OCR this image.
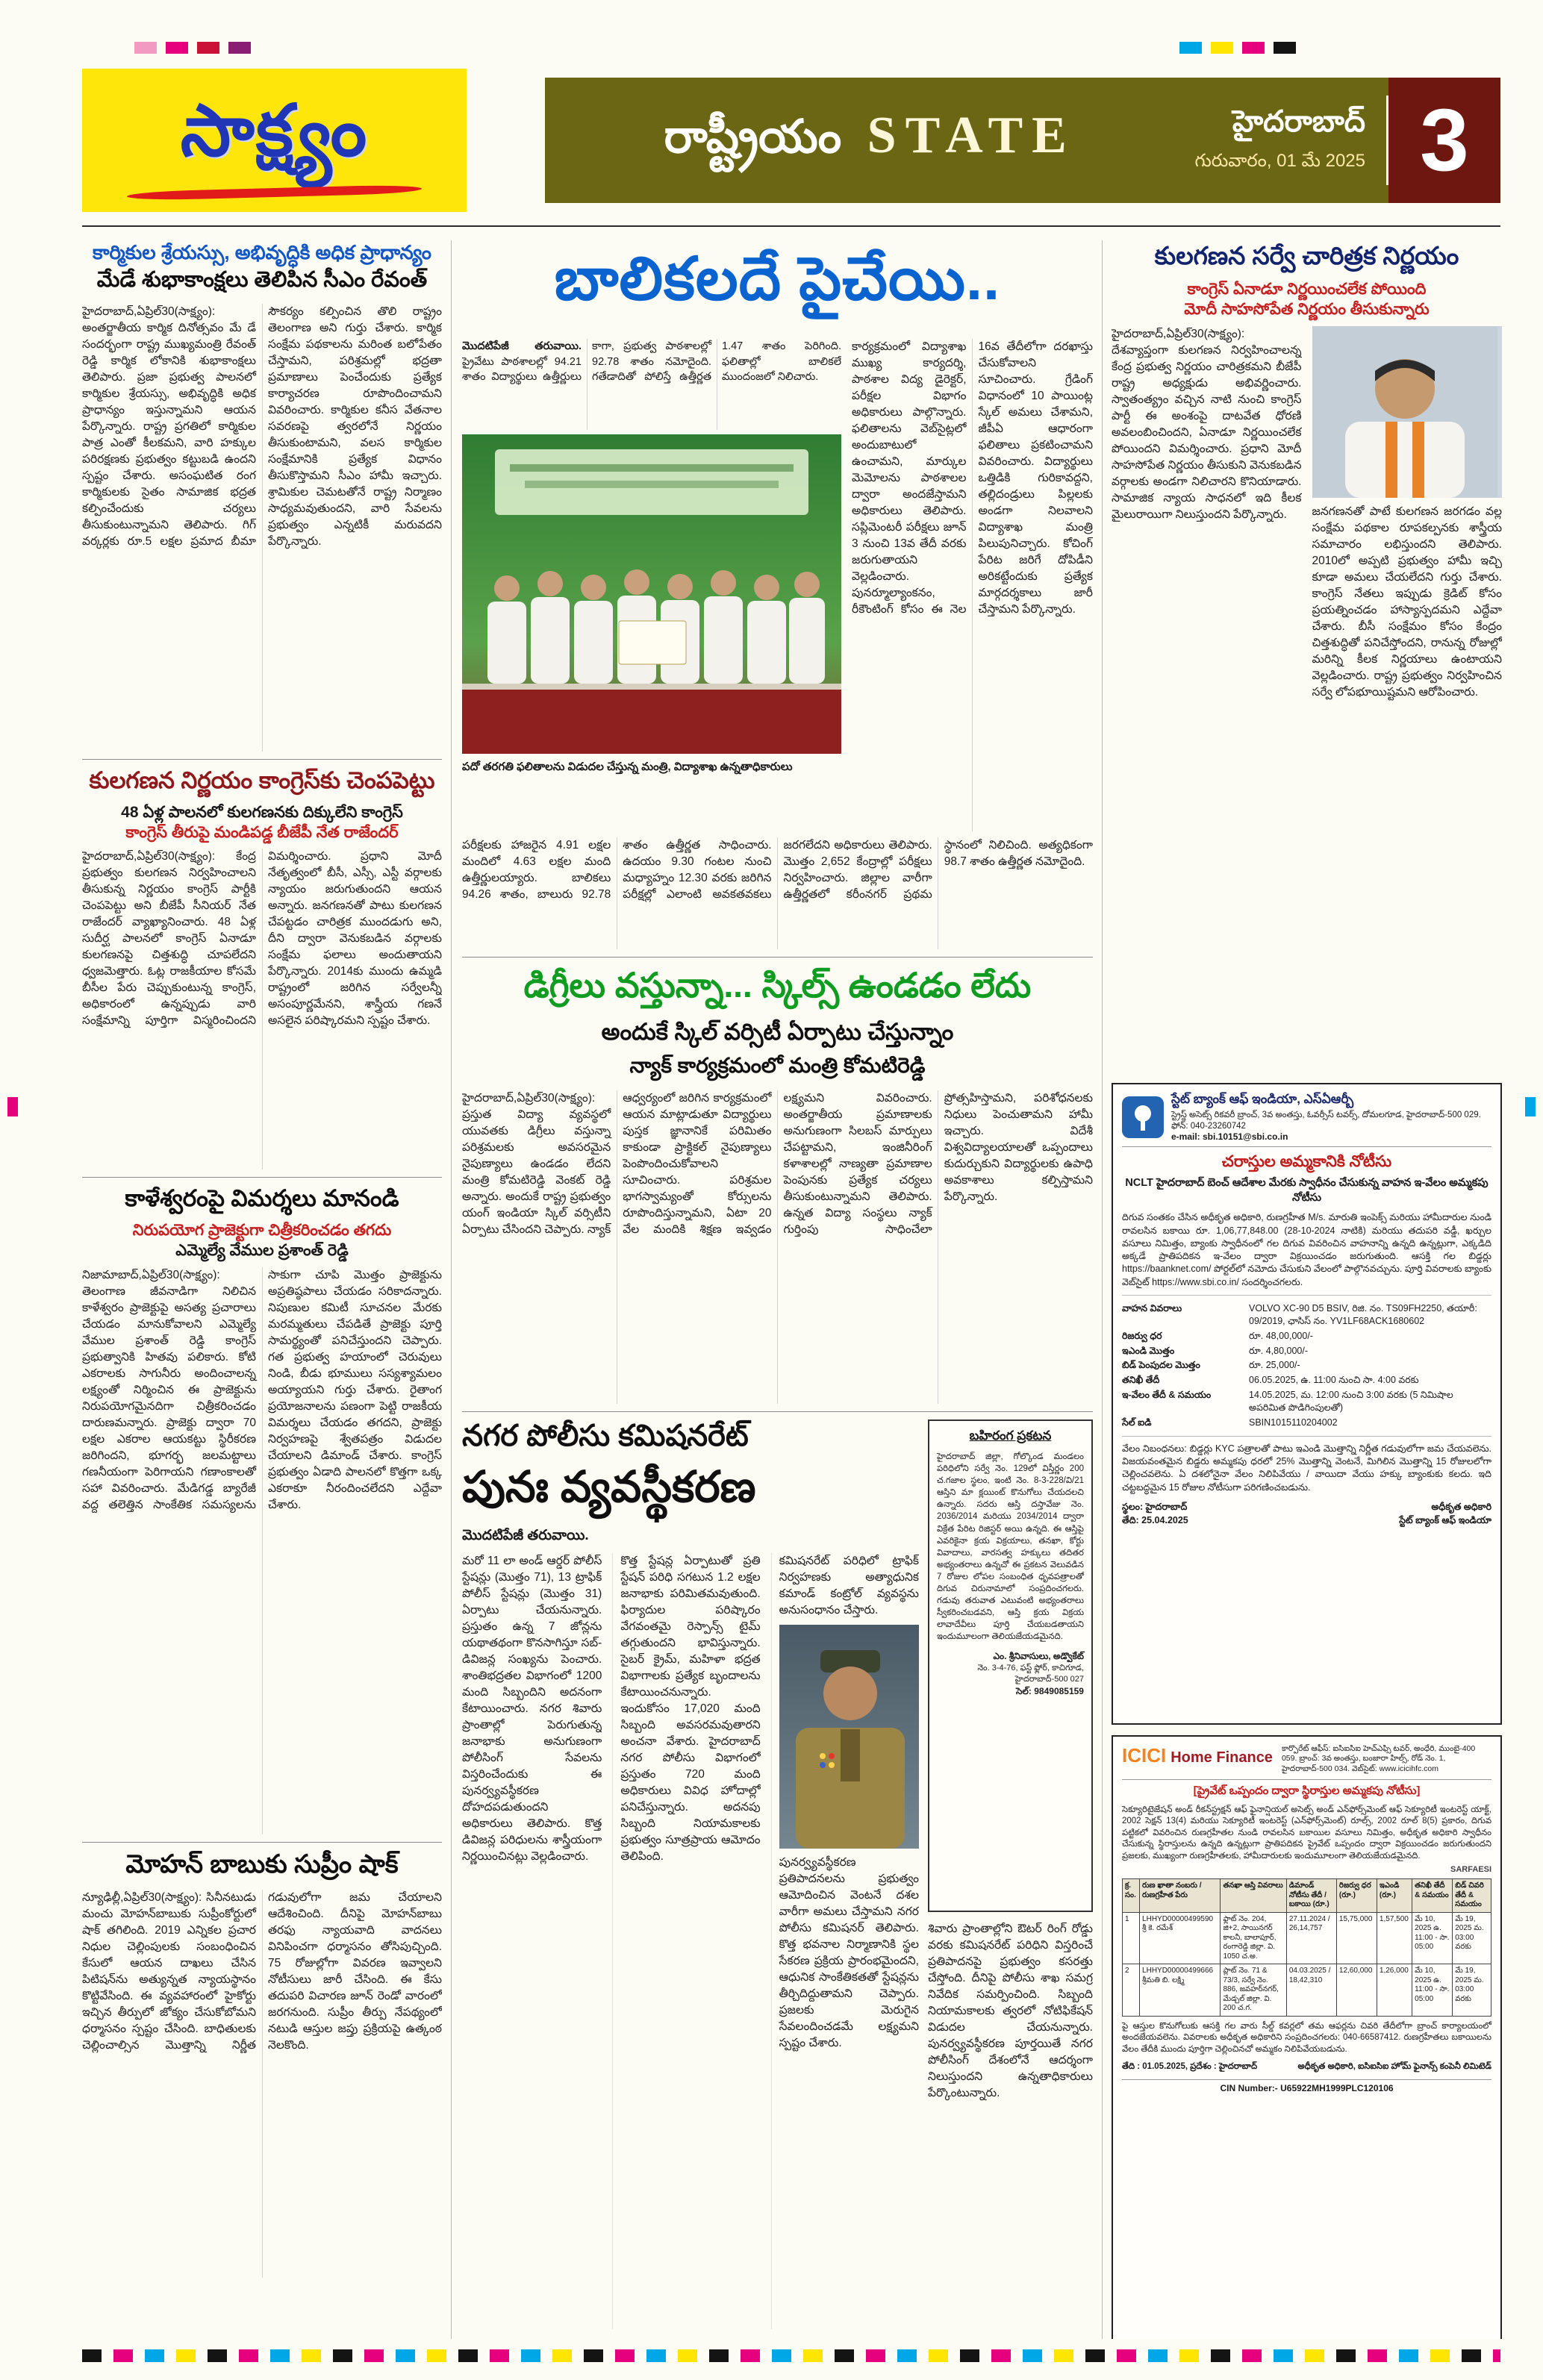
సాక్ష్యం	రాష్ట్రీయం STATE	హైదరాబాద్
గురువారం, 01 మే 2025 3
కార్మికుల శ్రేయస్సు, అభివృద్ధికి అధిక ప్రాధాన్యం
మేడే శుభాకాంక్షలు తెలిపిన సీఎం రేవంత్
హైదరాబాద్,ఏప్రిల్30(సాక్ష్యం): అంతర్జాతీయ కార్మిక దినోత్సవం మే డే సందర్భంగా రాష్ట్ర ముఖ్యమంత్రి రేవంత్ రెడ్డి కార్మిక లోకానికి శుభాకాంక్షలు తెలిపారు. ప్రజా ప్రభుత్వ పాలనలో కార్మికుల శ్రేయస్సు, అభివృద్ధికి అధిక ప్రాధాన్యం ఇస్తున్నామని ఆయన పేర్కొన్నారు. రాష్ట్ర ప్రగతిలో కార్మికుల పాత్ర ఎంతో కీలకమని, వారి హక్కుల పరిరక్షణకు ప్రభుత్వం కట్టుబడి ఉందని స్పష్టం చేశారు. అసంఘటిత రంగ కార్మికులకు సైతం సామాజిక భద్రత కల్పించేందుకు చర్యలు తీసుకుంటున్నామని తెలిపారు. గిగ్ వర్కర్లకు రూ.5 లక్షల ప్రమాద బీమా సౌకర్యం కల్పించిన తొలి రాష్ట్రం తెలంగాణ అని గుర్తు చేశారు. కార్మిక సంక్షేమ పథకాలను మరింత బలోపేతం చేస్తామని, పరిశ్రమల్లో భద్రతా ప్రమాణాలు పెంచేందుకు ప్రత్యేక కార్యాచరణ రూపొందించామని వివరించారు. కార్మికుల కనీస వేతనాల సవరణపై త్వరలోనే నిర్ణయం తీసుకుంటామని, వలస కార్మికుల సంక్షేమానికి ప్రత్యేక విధానం తీసుకొస్తామని సీఎం హామీ ఇచ్చారు. శ్రామికుల చెమటతోనే రాష్ట్ర నిర్మాణం సాధ్యమవుతుందని, వారి సేవలను ప్రభుత్వం ఎన్నటికీ మరువదని పేర్కొన్నారు.
కులగణన నిర్ణయం కాంగ్రెస్‌కు చెంపపెట్టు
48 ఏళ్ల పాలనలో కులగణనకు దిక్కులేని కాంగ్రెస్
కాంగ్రెస్ తీరుపై మండిపడ్డ బీజేపీ నేత రాజేందర్
హైదరాబాద్,ఏప్రిల్30(సాక్ష్యం): కేంద్ర ప్రభుత్వం కులగణన నిర్వహించాలని తీసుకున్న నిర్ణయం కాంగ్రెస్ పార్టీకి చెంపపెట్టు అని బీజేపీ సీనియర్ నేత రాజేందర్ వ్యాఖ్యానించారు. 48 ఏళ్ల సుదీర్ఘ పాలనలో కాంగ్రెస్ ఏనాడూ కులగణనపై చిత్తశుద్ధి చూపలేదని ధ్వజమెత్తారు. ఓట్ల రాజకీయాల కోసమే బీసీల పేరు చెప్పుకుంటున్న కాంగ్రెస్, అధికారంలో ఉన్నప్పుడు వారి సంక్షేమాన్ని పూర్తిగా విస్మరించిందని విమర్శించారు. ప్రధాని మోదీ నేతృత్వంలో బీసీ, ఎస్సీ, ఎస్టీ వర్గాలకు న్యాయం జరుగుతుందని ఆయన అన్నారు. జనగణనతో పాటు కులగణన చేపట్టడం చారిత్రక ముందడుగు అని, దీని ద్వారా వెనుకబడిన వర్గాలకు సంక్షేమ ఫలాలు అందుతాయని పేర్కొన్నారు. 2014కు ముందు ఉమ్మడి రాష్ట్రంలో జరిగిన సర్వేలన్నీ అసంపూర్ణమేనని, శాస్త్రీయ గణనే అసలైన పరిష్కారమని స్పష్టం చేశారు.
కాళేశ్వరంపై విమర్శలు మానండి
నిరుపయోగ ప్రాజెక్టుగా చిత్రీకరించడం తగదు
ఎమ్మెల్యే వేముల ప్రశాంత్ రెడ్డి
నిజామాబాద్,ఏప్రిల్30(సాక్ష్యం): తెలంగాణ జీవనాడిగా నిలిచిన కాళేశ్వరం ప్రాజెక్టుపై అసత్య ప్రచారాలు చేయడం మానుకోవాలని ఎమ్మెల్యే వేముల ప్రశాంత్ రెడ్డి కాంగ్రెస్ ప్రభుత్వానికి హితవు పలికారు. కోటి ఎకరాలకు సాగునీరు అందించాలన్న లక్ష్యంతో నిర్మించిన ఈ ప్రాజెక్టును నిరుపయోగమైనదిగా చిత్రీకరించడం దారుణమన్నారు. ప్రాజెక్టు ద్వారా 70 లక్షల ఎకరాల ఆయకట్టు స్థిరీకరణ జరిగిందని, భూగర్భ జలమట్టాలు గణనీయంగా పెరిగాయని గణాంకాలతో సహా వివరించారు. మేడిగడ్డ బ్యారేజీ వద్ద తలెత్తిన సాంకేతిక సమస్యలను సాకుగా చూపి మొత్తం ప్రాజెక్టును అప్రతిష్ఠపాలు చేయడం సరికాదన్నారు. నిపుణుల కమిటీ సూచనల మేరకు మరమ్మతులు చేపడితే ప్రాజెక్టు పూర్తి సామర్థ్యంతో పనిచేస్తుందని చెప్పారు. గత ప్రభుత్వ హయాంలో చెరువులు నిండి, బీడు భూములు సస్యశ్యామలం అయ్యాయని గుర్తు చేశారు. రైతాంగ ప్రయోజనాలను పణంగా పెట్టి రాజకీయ విమర్శలు చేయడం తగదని, ప్రాజెక్టు నిర్వహణపై శ్వేతపత్రం విడుదల చేయాలని డిమాండ్ చేశారు. కాంగ్రెస్ ప్రభుత్వం ఏడాది పాలనలో కొత్తగా ఒక్క ఎకరాకూ నీరందించలేదని ఎద్దేవా చేశారు.
మోహన్ బాబుకు సుప్రీం షాక్
న్యూఢిల్లీ,ఏప్రిల్30(సాక్ష్యం): సినీనటుడు మంచు మోహన్‌బాబుకు సుప్రీంకోర్టులో షాక్ తగిలింది. 2019 ఎన్నికల ప్రచార నిధుల చెల్లింపులకు సంబంధించిన కేసులో ఆయన దాఖలు చేసిన పిటిషన్‌ను అత్యున్నత న్యాయస్థానం కొట్టివేసింది. ఈ వ్యవహారంలో హైకోర్టు ఇచ్చిన తీర్పులో జోక్యం చేసుకోబోమని ధర్మాసనం స్పష్టం చేసింది. బాధితులకు చెల్లించాల్సిన మొత్తాన్ని నిర్ణీత గడువులోగా జమ చేయాలని ఆదేశించింది. దీనిపై మోహన్‌బాబు తరఫు న్యాయవాది వాదనలు వినిపించగా ధర్మాసనం తోసిపుచ్చింది. 75 రోజుల్లోగా వివరణ ఇవ్వాలని నోటీసులు జారీ చేసింది. ఈ కేసు తదుపరి విచారణ జూన్ రెండో వారంలో జరగనుంది. సుప్రీం తీర్పు నేపథ్యంలో నటుడి ఆస్తుల జప్తు ప్రక్రియపై ఉత్కంఠ నెలకొంది.
బాలికలదే పైచేయి..
మొదటిపేజీ తరువాయి. ప్రైవేటు పాఠశాలల్లో 94.21 శాతం విద్యార్థులు ఉత్తీర్ణులు కాగా, ప్రభుత్వ పాఠశాలల్లో 92.78 శాతం నమోదైంది. గతేడాదితో పోలిస్తే ఉత్తీర్ణత 1.47 శాతం పెరిగింది. ఫలితాల్లో బాలికలే ముందంజలో నిలిచారు.
పదో తరగతి ఫలితాలను విడుదల చేస్తున్న మంత్రి, విద్యాశాఖ ఉన్నతాధికారులు
కార్యక్రమంలో విద్యాశాఖ ముఖ్య కార్యదర్శి, పాఠశాల విద్య డైరెక్టర్, పరీక్షల విభాగం అధికారులు పాల్గొన్నారు. ఫలితాలను వెబ్‌సైట్లలో అందుబాటులో ఉంచామని, మార్కుల మెమోలను పాఠశాలల ద్వారా అందజేస్తామని అధికారులు తెలిపారు. సప్లిమెంటరీ పరీక్షలు జూన్ 3 నుంచి 13వ తేదీ వరకు జరుగుతాయని వెల్లడించారు. పునర్మూల్యాంకనం, రీకౌంటింగ్ కోసం ఈ నెల 16వ తేదీలోగా దరఖాస్తు చేసుకోవాలని సూచించారు. గ్రేడింగ్ విధానంలో 10 పాయింట్ల స్కేల్ అమలు చేశామని, జీపీఏ ఆధారంగా ఫలితాలు ప్రకటించామని వివరించారు. విద్యార్థులు ఒత్తిడికి గురికావద్దని, తల్లిదండ్రులు పిల్లలకు అండగా నిలవాలని విద్యాశాఖ మంత్రి పిలుపునిచ్చారు. కోచింగ్ పేరిట జరిగే దోపిడీని అరికట్టేందుకు ప్రత్యేక మార్గదర్శకాలు జారీ చేస్తామని పేర్కొన్నారు.
పరీక్షలకు హాజరైన 4.91 లక్షల మందిలో 4.63 లక్షల మంది ఉత్తీర్ణులయ్యారు. బాలికలు 94.26 శాతం, బాలురు 92.78 శాతం ఉత్తీర్ణత సాధించారు. ఉదయం 9.30 గంటల నుంచి మధ్యాహ్నం 12.30 వరకు జరిగిన పరీక్షల్లో ఎలాంటి అవకతవకలు జరగలేదని అధికారులు తెలిపారు. మొత్తం 2,652 కేంద్రాల్లో పరీక్షలు నిర్వహించారు. జిల్లాల వారీగా ఉత్తీర్ణతలో కరీంనగర్ ప్రథమ స్థానంలో నిలిచింది. అత్యధికంగా 98.7 శాతం ఉత్తీర్ణత నమోదైంది.
డిగ్రీలు వస్తున్నా... స్కిల్స్ ఉండడం లేదు
అందుకే స్కిల్ వర్సిటీ ఏర్పాటు చేస్తున్నాం
న్యాక్ కార్యక్రమంలో మంత్రి కోమటిరెడ్డి
హైదరాబాద్,ఏప్రిల్30(సాక్ష్యం): ప్రస్తుత విద్యా వ్యవస్థలో యువతకు డిగ్రీలు వస్తున్నా పరిశ్రమలకు అవసరమైన నైపుణ్యాలు ఉండడం లేదని మంత్రి కోమటిరెడ్డి వెంకట్ రెడ్డి అన్నారు. అందుకే రాష్ట్ర ప్రభుత్వం యంగ్ ఇండియా స్కిల్ వర్సిటీని ఏర్పాటు చేసిందని చెప్పారు. న్యాక్ ఆధ్వర్యంలో జరిగిన కార్యక్రమంలో ఆయన మాట్లాడుతూ విద్యార్థులు పుస్తక జ్ఞానానికే పరిమితం కాకుండా ప్రాక్టికల్ నైపుణ్యాలు పెంపొందించుకోవాలని సూచించారు. పరిశ్రమల భాగస్వామ్యంతో కోర్సులను రూపొందిస్తున్నామని, ఏటా 20 వేల మందికి శిక్షణ ఇవ్వడం లక్ష్యమని వివరించారు. అంతర్జాతీయ ప్రమాణాలకు అనుగుణంగా సిలబస్ మార్పులు చేపట్టామని, ఇంజినీరింగ్ కళాశాలల్లో నాణ్యతా ప్రమాణాల పెంపునకు ప్రత్యేక చర్యలు తీసుకుంటున్నామని తెలిపారు. ఉన్నత విద్యా సంస్థలు న్యాక్ గుర్తింపు సాధించేలా ప్రోత్సహిస్తామని, పరిశోధనలకు నిధులు పెంచుతామని హామీ ఇచ్చారు. విదేశీ విశ్వవిద్యాలయాలతో ఒప్పందాలు కుదుర్చుకుని విద్యార్థులకు ఉపాధి అవకాశాలు కల్పిస్తామని పేర్కొన్నారు.
నగర పోలీసు కమిషనరేట్
పునః వ్యవస్థీకరణ
మొదటిపేజీ తరువాయి.
మరో 11 లా అండ్ ఆర్డర్ పోలీస్ స్టేషన్లు (మొత్తం 71), 13 ట్రాఫిక్ పోలీస్ స్టేషన్లు (మొత్తం 31) ఏర్పాటు చేయనున్నారు. ప్రస్తుతం ఉన్న 7 జోన్లను యథాతథంగా కొనసాగిస్తూ సబ్-డివిజన్ల సంఖ్యను పెంచారు. శాంతిభద్రతల విభాగంలో 1200 మంది సిబ్బందిని అదనంగా కేటాయించారు. నగర శివారు ప్రాంతాల్లో పెరుగుతున్న జనాభాకు అనుగుణంగా పోలీసింగ్ సేవలను విస్తరించేందుకు ఈ పునర్వ్యవస్థీకరణ దోహదపడుతుందని అధికారులు తెలిపారు. కొత్త డివిజన్ల పరిధులను శాస్త్రీయంగా నిర్ణయించినట్లు వెల్లడించారు.
కొత్త స్టేషన్ల ఏర్పాటుతో ప్రతి స్టేషన్ పరిధి సగటున 1.2 లక్షల జనాభాకు పరిమితమవుతుంది. ఫిర్యాదుల పరిష్కారం వేగవంతమై రెస్పాన్స్ టైమ్ తగ్గుతుందని భావిస్తున్నారు. సైబర్ క్రైమ్, మహిళా భద్రత విభాగాలకు ప్రత్యేక బృందాలను కేటాయించనున్నారు. ఇందుకోసం 17,020 మంది సిబ్బంది అవసరమవుతారని అంచనా వేశారు. హైదరాబాద్ నగర పోలీసు విభాగంలో ప్రస్తుతం 720 మంది అధికారులు వివిధ హోదాల్లో పనిచేస్తున్నారు. అదనపు సిబ్బంది నియామకాలకు ప్రభుత్వం సూత్రప్రాయ ఆమోదం తెలిపింది.
కమిషనరేట్ పరిధిలో ట్రాఫిక్ నిర్వహణకు అత్యాధునిక కమాండ్ కంట్రోల్ వ్యవస్థను అనుసంధానం చేస్తారు.
పునర్వ్యవస్థీకరణ ప్రతిపాదనలను ప్రభుత్వం ఆమోదించిన వెంటనే దశల వారీగా అమలు చేస్తామని నగర పోలీసు కమిషనర్ తెలిపారు. కొత్త భవనాల నిర్మాణానికి స్థల సేకరణ ప్రక్రియ ప్రారంభమైందని, ఆధునిక సాంకేతికతతో స్టేషన్లను తీర్చిదిద్దుతామని చెప్పారు. ప్రజలకు మెరుగైన సేవలందించడమే లక్ష్యమని స్పష్టం చేశారు.
బహిరంగ ప్రకటన
హైదరాబాద్ జిల్లా, గోల్కొండ మండలం పరిధిలోని సర్వే నెం. 129లో విస్తీర్ణం 200 చ.గజాల స్థలం, ఇంటి నెం. 8-3-228/వి/21 ఆస్తిని మా క్లయింట్ కొనుగోలు చేయదలచి ఉన్నారు. సదరు ఆస్తి దస్తావేజు నెం. 2036/2014 మరియు 2034/2014 ద్వారా విక్రేత పేరిట రిజిస్టర్ అయి ఉన్నది. ఈ ఆస్తిపై ఎవరికైనా క్రయ విక్రయాలు, తనఖా, కోర్టు వివాదాలు, వారసత్వ హక్కులు తదితర అభ్యంతరాలు ఉన్నచో ఈ ప్రకటన వెలువడిన 7 రోజుల లోపల సంబంధిత ధృవపత్రాలతో దిగువ చిరునామాలో సంప్రదించగలరు. గడువు తరువాత ఎటువంటి అభ్యంతరాలు స్వీకరించబడవని, ఆస్తి క్రయ విక్రయ లావాదేవీలు పూర్తి చేయబడతాయని ఇందుమూలంగా తెలియజేయడమైనది.
ఎం. శ్రీనివాసులు, అడ్వొకేట్
నెం. 3-4-76, ఫస్ట్ ఫ్లోర్, కాచిగూడ, హైదరాబాద్-500 027
సెల్: 9849085159
శివారు ప్రాంతాల్లోని ఔటర్ రింగ్ రోడ్డు వరకు కమిషనరేట్ పరిధిని విస్తరించే ప్రతిపాదనపై ప్రభుత్వం కసరత్తు చేస్తోంది. దీనిపై పోలీసు శాఖ సమగ్ర నివేదిక సమర్పించింది. సిబ్బంది నియామకాలకు త్వరలో నోటిఫికేషన్ విడుదల చేయనున్నారు. పునర్వ్యవస్థీకరణ పూర్తయితే నగర పోలీసింగ్ దేశంలోనే ఆదర్శంగా నిలుస్తుందని ఉన్నతాధికారులు పేర్కొంటున్నారు.
కులగణన సర్వే చారిత్రక నిర్ణయం
కాంగ్రెస్ ఏనాడూ నిర్ణయించలేక పోయింది
మోదీ సాహసోపేత నిర్ణయం తీసుకున్నారు
హైదరాబాద్,ఏప్రిల్30(సాక్ష్యం): దేశవ్యాప్తంగా కులగణన నిర్వహించాలన్న కేంద్ర ప్రభుత్వ నిర్ణయం చారిత్రకమని బీజేపీ రాష్ట్ర అధ్యక్షుడు అభివర్ణించారు. స్వాతంత్య్రం వచ్చిన నాటి నుంచి కాంగ్రెస్ పార్టీ ఈ అంశంపై దాటవేత ధోరణి అవలంబించిందని, ఏనాడూ నిర్ణయించలేక పోయిందని విమర్శించారు. ప్రధాని మోదీ సాహసోపేత నిర్ణయం తీసుకుని వెనుకబడిన వర్గాలకు అండగా నిలిచారని కొనియాడారు. సామాజిక న్యాయ సాధనలో ఇది కీలక మైలురాయిగా నిలుస్తుందని పేర్కొన్నారు.	జనగణనతో పాటే కులగణన జరగడం వల్ల సంక్షేమ పథకాల రూపకల్పనకు శాస్త్రీయ సమాచారం లభిస్తుందని తెలిపారు. 2010లో అప్పటి ప్రభుత్వం హామీ ఇచ్చి కూడా అమలు చేయలేదని గుర్తు చేశారు. కాంగ్రెస్ నేతలు ఇప్పుడు క్రెడిట్ కోసం ప్రయత్నించడం హాస్యాస్పదమని ఎద్దేవా చేశారు. బీసీ సంక్షేమం కోసం కేంద్రం చిత్తశుద్ధితో పనిచేస్తోందని, రానున్న రోజుల్లో మరిన్ని కీలక నిర్ణయాలు ఉంటాయని వెల్లడించారు. రాష్ట్ర ప్రభుత్వం నిర్వహించిన సర్వే లోపభూయిష్టమని ఆరోపించారు.
స్టేట్ బ్యాంక్ ఆఫ్ ఇండియా, ఎస్ఏఆర్బీ
స్ట్రెస్డ్ అసెట్స్ రికవరీ బ్రాంచ్, 3వ అంతస్తు, ఓవర్సీస్ టవర్స్, దోమలగూడ, హైదరాబాద్-500 029. ఫోన్: 040-23260742
e-mail: sbi.10151@sbi.co.in
చరాస్తుల అమ్మకానికి నోటీసు
NCLT హైదరాబాద్ బెంచ్ ఆదేశాల మేరకు స్వాధీనం చేసుకున్న వాహన ఇ-వేలం అమ్మకపు నోటీసు
దిగువ సంతకం చేసిన అధీకృత అధికారి, రుణగ్రహీత M/s. మారుతి ఇంపెక్స్ మరియు హామీదారుల నుండి రావలసిన బకాయి రూ. 1,06,77,848.00 (28-10-2024 నాటికి) మరియు తదుపరి వడ్డీ, ఖర్చుల వసూలు నిమిత్తం, బ్యాంకు స్వాధీనంలో గల దిగువ వివరించిన వాహనాన్ని ఉన్నది ఉన్నట్లుగా, ఎక్కడిది అక్కడే ప్రాతిపదికన ఇ-వేలం ద్వారా విక్రయించడం జరుగుతుంది. ఆసక్తి గల బిడ్డర్లు https://baanknet.com/ పోర్టల్‌లో నమోదు చేసుకుని వేలంలో పాల్గొనవచ్చును. పూర్తి వివరాలకు బ్యాంకు వెబ్‌సైట్ https://www.sbi.co.in/ సందర్శించగలరు.
వాహన వివరాలు	VOLVO XC-90 D5 BSIV, రిజి. నం. TS09FH2250, తయారీ: 09/2019, ఛాసిస్ నం. YV1LF68ACK1680602
రిజర్వు ధర	రూ. 48,00,000/-
ఇఎండి మొత్తం	రూ. 4,80,000/-
బిడ్ పెంపుదల మొత్తం	రూ. 25,000/-
తనిఖీ తేదీ	06.05.2025, ఉ. 11:00 నుంచి సా. 4:00 వరకు
ఇ-వేలం తేదీ & సమయం	14.05.2025, మ. 12:00 నుంచి 3:00 వరకు (5 నిమిషాల అపరిమిత పొడిగింపులతో)
సేల్ ఐడి	SBIN1015110204002
వేలం నిబంధనలు: బిడ్డర్లు KYC పత్రాలతో పాటు ఇఎండి మొత్తాన్ని నిర్ణీత గడువులోగా జమ చేయవలెను. విజయవంతమైన బిడ్డరు అమ్మకపు ధరలో 25% మొత్తాన్ని వెంటనే, మిగిలిన మొత్తాన్ని 15 రోజులలోగా చెల్లించవలెను. ఏ దశలోనైనా వేలం నిలిపివేయు / వాయిదా వేయు హక్కు బ్యాంకుకు కలదు. ఇది చట్టబద్ధమైన 15 రోజుల నోటీసుగా పరిగణించబడును.
స్థలం: హైదరాబాద్
తేది: 25.04.2025
అధీకృత అధికారి
స్టేట్ బ్యాంక్ ఆఫ్ ఇండియా
ICICI Home Finance
కార్పొరేట్ ఆఫీస్: ఐసిఐసిఐ హెచ్ఎఫ్సి టవర్, అంధేరి, ముంబై-400 059. బ్రాంచ్: 3వ అంతస్తు, బంజారా హిల్స్, రోడ్ నెం. 1, హైదరాబాద్-500 034. వెబ్‌సైట్: www.icicihfc.com
[ప్రైవేట్ ఒప్పందం ద్వారా స్థిరాస్తుల అమ్మకపు నోటీసు]
సెక్యూరిటైజేషన్ అండ్ రీకన్‌స్ట్రక్షన్ ఆఫ్ ఫైనాన్షియల్ అసెట్స్ అండ్ ఎన్‌ఫోర్స్‌మెంట్ ఆఫ్ సెక్యూరిటీ ఇంటరెస్ట్ యాక్ట్, 2002 సెక్షన్ 13(4) మరియు సెక్యూరిటీ ఇంటరెస్ట్ (ఎన్‌ఫోర్స్‌మెంట్) రూల్స్, 2002 రూల్ 8(5) ప్రకారం, దిగువ పట్టికలో వివరించిన రుణగ్రహీతల నుండి రావలసిన బకాయిల వసూలు నిమిత్తం, అధీకృత అధికారి స్వాధీనం చేసుకున్న స్థిరాస్తులను ఉన్నది ఉన్నట్లుగా ప్రాతిపదికన ప్రైవేట్ ఒప్పందం ద్వారా విక్రయించడం జరుగుతుందని ప్రజలకు, ముఖ్యంగా రుణగ్రహీతలకు, హామీదారులకు ఇందుమూలంగా తెలియజేయడమైనది.
SARFAESI
క్ర. సం.	రుణ ఖాతా నంబరు / రుణగ్రహీత పేరు	తనఖా ఆస్తి వివరాలు	డిమాండ్ నోటీసు తేదీ / బకాయి (రూ.)	రిజర్వు ధర (రూ.)	ఇఎండి (రూ.)	తనిఖీ తేదీ & సమయం	బిడ్ చివరి తేదీ & సమయం
1	LHHYD00000499590 శ్రీ కె. రమేశ్	ఫ్లాట్ నెం. 204, జి+2, సాయినగర్ కాలనీ, బాలాపూర్, రంగారెడ్డి జిల్లా. వి. 1050 చ.అ.	27.11.2024 / 26,14,757	15,75,000	1,57,500	మే 10, 2025 ఉ. 11:00 - సా. 05:00	మే 19, 2025 మ. 03:00 వరకు
2	LHHYD00000499666 శ్రీమతి బి. లక్ష్మి	ప్లాట్ నెం. 71 & 73/3, సర్వే నెం. 886, జవహర్‌నగర్, మేడ్చల్ జిల్లా. వి. 200 చ.గ.	04.03.2025 / 18,42,310	12,60,000	1,26,000	మే 10, 2025 ఉ. 11:00 - సా. 05:00	మే 19, 2025 మ. 03:00 వరకు
పై ఆస్తుల కొనుగోలుకు ఆసక్తి గల వారు సీల్డ్ కవర్లలో తమ ఆఫర్లను చివరి తేదీలోగా బ్రాంచ్ కార్యాలయంలో అందజేయవలెను. వివరాలకు అధీకృత అధికారిని సంప్రదించగలరు: 040-66587412. రుణగ్రహీతలు బకాయిలను వేలం తేదీకి ముందు పూర్తిగా చెల్లించినచో అమ్మకం నిలిపివేయబడును.
తేది : 01.05.2025, ప్రదేశం : హైదరాబాద్	అధీకృత అధికారి, ఐసిఐసిఐ హోమ్ ఫైనాన్స్ కంపెనీ లిమిటెడ్
CIN Number:- U65922MH1999PLC120106
